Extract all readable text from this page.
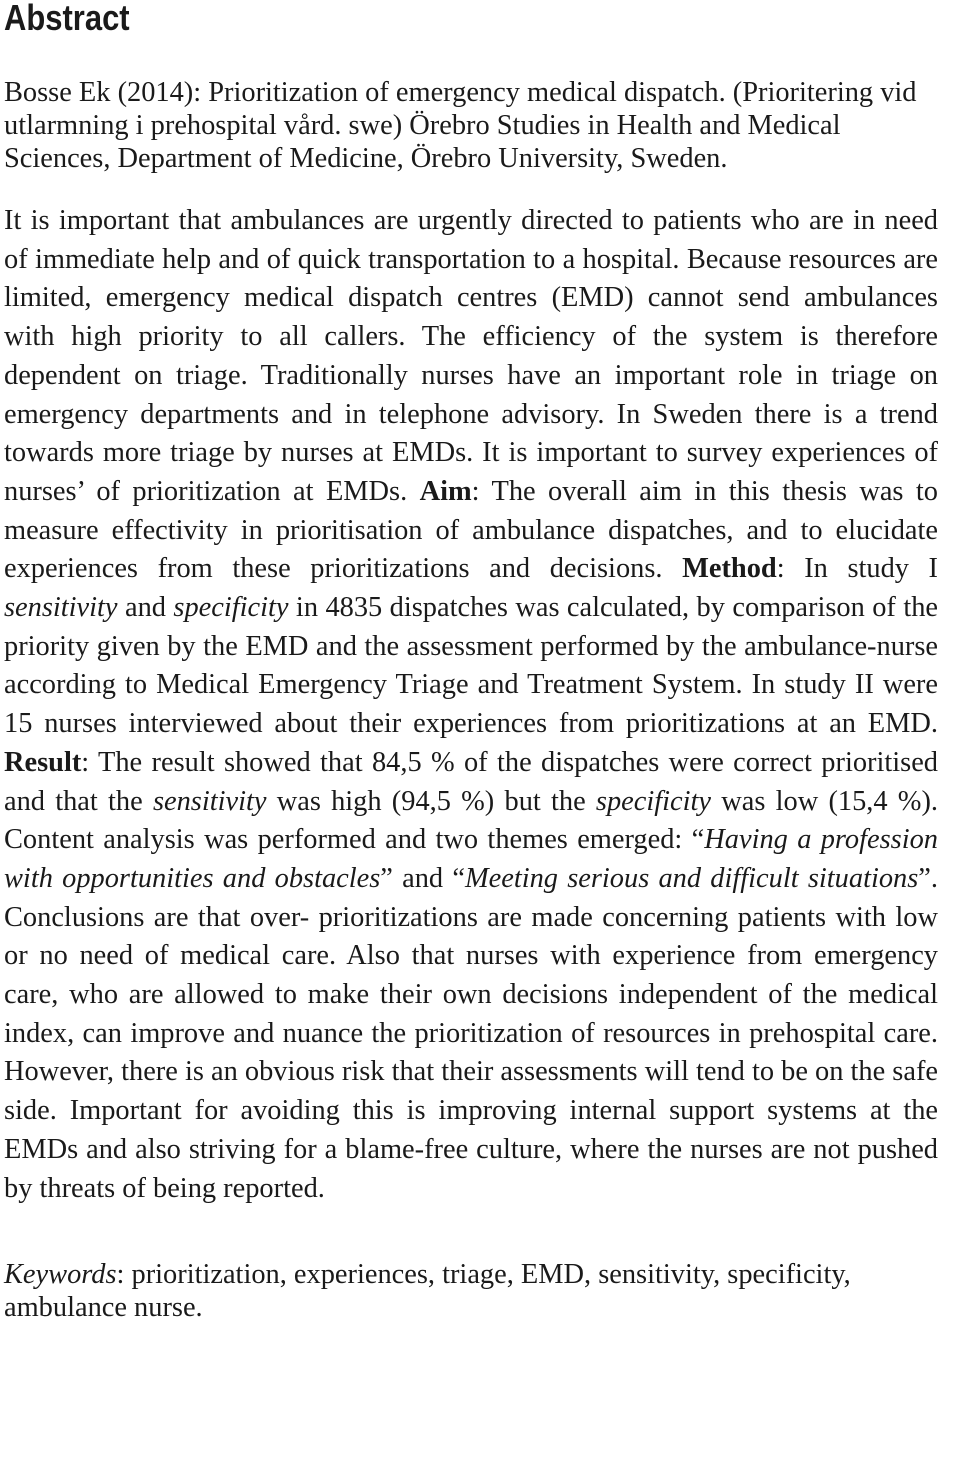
Abstract

Bosse Ek (2014): Prioritization of emergency medical dispatch. (Prioritering vid utlarmning i prehospital vård. swe) Örebro Studies in Health and Medical Sciences, Department of Medicine, Örebro University, Sweden.

It is important that ambulances are urgently directed to patients who are in need of immediate help and of quick transportation to a hospital. Because resources are limited, emergency medical dispatch centres (EMD) cannot send ambulances with high priority to all callers. The efficiency of the system is therefore dependent on triage. Traditionally nurses have an important role in triage on emergency departments and in telephone advisory. In Sweden there is a trend towards more triage by nurses at EMDs. It is important to survey experiences of nurses’ of prioritization at EMDs. Aim: The overall aim in this thesis was to measure effectivity in prioritisation of ambulance dispatches, and to elucidate experiences from these prioritizations and decisions. Method: In study I sensitivity and specificity in 4835 dispatches was calculated, by comparison of the priority given by the EMD and the assessment performed by the ambulance-nurse according to Medical Emergency Triage and Treatment System. In study II were 15 nurses interviewed about their experiences from prioritizations at an EMD. Result: The result showed that 84,5 % of the dispatches were correct prioritised and that the sensitivity was high (94,5 %) but the specificity was low (15,4 %). Content analysis was performed and two themes emerged: “Having a profession with opportunities and obstacles” and “Meeting serious and difficult situations”. Conclusions are that over- prioritizations are made concerning patients with low or no need of medical care. Also that nurses with experience from emergency care, who are allowed to make their own decisions independent of the medical index, can improve and nuance the prioritization of resources in prehospital care. However, there is an obvious risk that their assessments will tend to be on the safe side. Important for avoiding this is improving internal support systems at the EMDs and also striving for a blame-free culture, where the nurses are not pushed by threats of being reported.

Keywords: prioritization, experiences, triage, EMD, sensitivity, specificity, ambulance nurse.
